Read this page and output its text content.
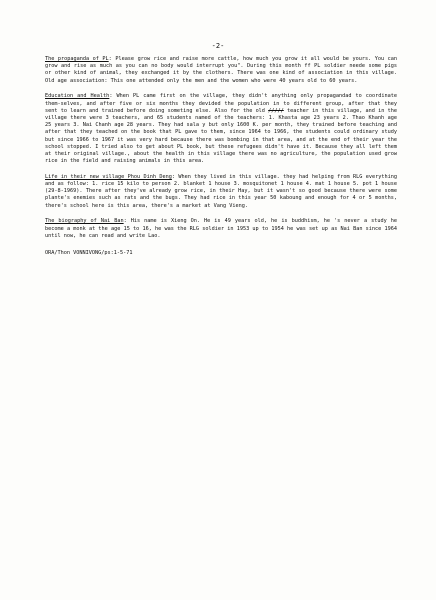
-2-

The propaganda of PL: Please grow rice and raise more cattle, how much you grow it all would be yours. You can grow and rise as much as you can no body would interrupt you". During this month ff PL soldier neede some pigs or other kind of animal, they exchanged it by the clothers. There was one kind of association in this village. Old age association: This one attended only the men and the women who were 40 years old to 60 years.

Education and Health: When PL came first on the village, they didn't anything only propagandad to coordinate them-selves, and after five or six months they devided the population in to different group, after that they sent to learn and trained before doing someting else. Also for the old ///// teacher in this village, and in the village there were 3 teachers, and 65 students named of the teachers: 1. Khasta age 23 years 2. Thao Khanh age 25 years 3. Nai Chanh age 28 years. They had sala y but only 1600 K. per month, they trained before teaching and after that they teached on the book that PL gave to them, since 1964 to 1966, the students could ordinary study but since 1966 to 1967 it was very hard because there was bombing in that area, and at the end of their year the school stopped. I tried also to get about PL book, but these refugees didn't have it. Because they all left them at their original village., about the health in this village there was no agriculture, the population used grow rice in the field and raising animals in this area.

Life in their new village Phou Dinh Deng: When they lived in this village. they had helping from RLG everything and as follow: 1. rice 15 kilo to person 2. blanket 1 house 3. mosquitonet 1 house 4. mat 1 house 5. pot 1 house (29-8-1969). There after they've already grow rice, in their Hay, but it wasn't so good because there were some plante's enemies such as rats and the bugs. They had rice in this year 50 kaboung and enough for 4 or 5 months, there's school here is this area, there's a market at Vang Vieng.

The biography of Nai Ban: His name is Xieng On. He is 49 years old, he is buddhism, he 's never a study he become a monk at the age 15 to 16, he was the RLG soldier in 1953 up to 1954 he was set up as Nai Ban since 1964 until now, he can read and write Lao.

ORA/Thon VONNIVONG/ps:1-5-71
